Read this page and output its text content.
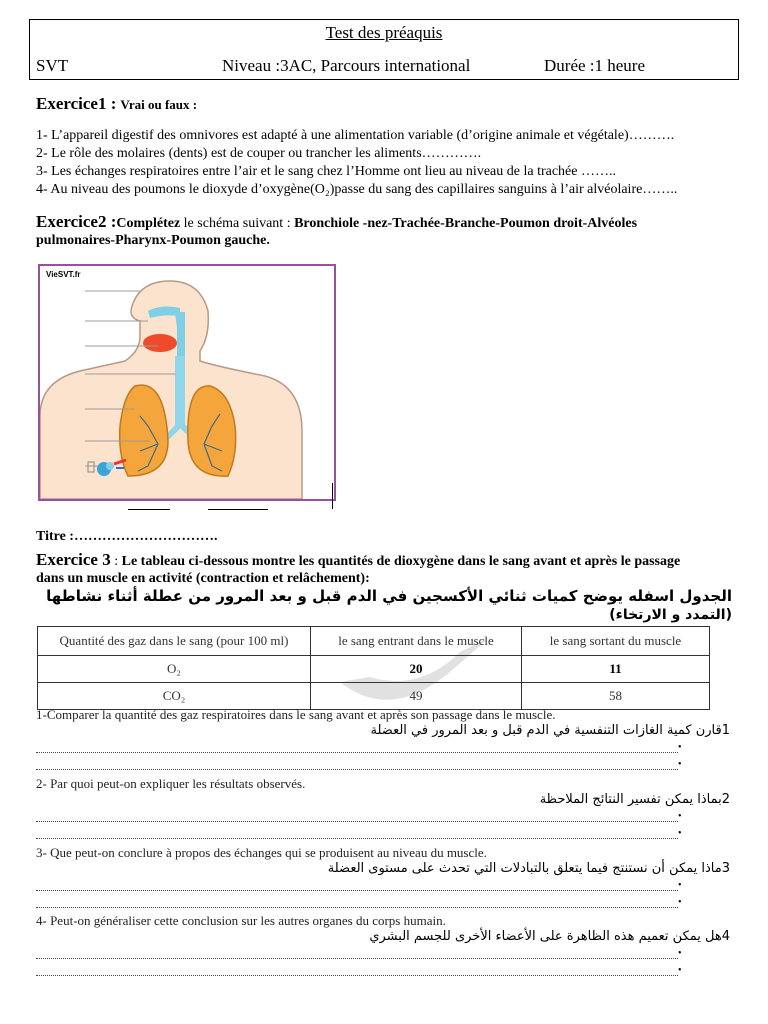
Test des préaquis
SVT	Niveau :3AC, Parcours international	Durée :1 heure
Exercice1 : Vrai ou faux :
1- L’appareil digestif des omnivores est adapté à une alimentation variable (d’origine animale et végétale)……….
2- Le rôle des molaires (dents) est de couper ou trancher les aliments………….
3- Les échanges respiratoires entre l’air et le sang chez l’Homme ont lieu au niveau de la trachée ……..
4- Au niveau des poumons le dioxyde d’oxygène(O₂)passe du sang des capillaires sanguins à l’air alvéolaire……..
Exercice2 :Complétez le schéma suivant : Bronchiole -nez-Trachée-Branche-Poumon droit-Alvéoles
pulmonaires-Pharynx-Poumon gauche.
VieSVT.fr
Titre :………………………….
Exercice 3 : Le tableau ci-dessous montre les quantités de dioxygène dans le sang avant et après le passage
dans un muscle en activité (contraction et relâchement):
الجدول اسفله يوضح كميات ثنائي الأكسجين في الدم قبل و بعد المرور من عطلة أثناء نشاطها
(التمدد و الارتخاء)
Quantité des gaz dans le sang (pour 100 ml)	le sang entrant dans le muscle	le sang sortant du muscle
O₂	20	11
CO₂	49	58
1-Comparer la quantité des gaz respiratoires dans le sang avant et après son passage dans le muscle.
1قارن كمية الغازات التنفسية في الدم قبل و بعد المرور في العضلة
•
•
2- Par quoi peut-on expliquer les résultats observés.
2بماذا يمكن تفسير النتائج الملاحظة
•
•
3- Que peut-on conclure à propos des échanges qui se produisent au niveau du muscle.
3ماذا يمكن أن نستنتج فيما يتعلق بالتبادلات التي تحدث على مستوى العضلة
•
•
4- Peut-on généraliser cette conclusion sur les autres organes du corps humain.
4هل يمكن تعميم هذه الظاهرة على الأعضاء الأخرى للجسم البشري
•
•
